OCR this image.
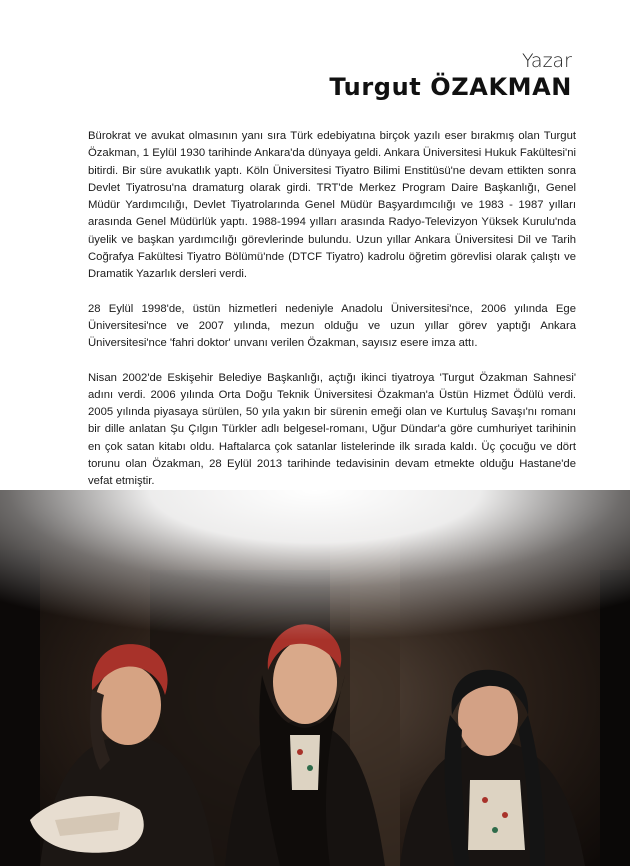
Yazar
Turgut ÖZAKMAN

Bürokrat ve avukat olmasının yanı sıra Türk edebiyatına birçok yazılı eser bırakmış olan Turgut Özakman, 1 Eylül 1930 tarihinde Ankara'da dünyaya geldi. Ankara Üniversitesi Hukuk Fakültesi'ni bitirdi. Bir süre avukatlık yaptı. Köln Üniversitesi Tiyatro Bilimi Enstitüsü'ne devam ettikten sonra Devlet Tiyatrosu'na dramaturg olarak girdi. TRT'de Merkez Program Daire Başkanlığı, Genel Müdür Yardımcılığı, Devlet Tiyatrolarında Genel Müdür Başyardımcılığı ve 1983 - 1987 yılları arasında Genel Müdürlük yaptı. 1988-1994 yılları arasında Radyo-Televizyon Yüksek Kurulu'nda üyelik ve başkan yardımcılığı görevlerinde bulundu. Uzun yıllar Ankara Üniversitesi Dil ve Tarih Coğrafya Fakültesi Tiyatro Bölümü'nde (DTCF Tiyatro) kadrolu öğretim görevlisi olarak çalıştı ve Dramatik Yazarlık dersleri verdi.

28 Eylül 1998'de, üstün hizmetleri nedeniyle Anadolu Üniversitesi'nce, 2006 yılında Ege Üniversitesi'nce ve 2007 yılında, mezun olduğu ve uzun yıllar görev yaptığı Ankara Üniversitesi'nce 'fahri doktor' unvanı verilen Özakman, sayısız esere imza attı.

Nisan 2002'de Eskişehir Belediye Başkanlığı, açtığı ikinci tiyatroya 'Turgut Özakman Sahnesi' adını verdi. 2006 yılında Orta Doğu Teknik Üniversitesi Özakman'a Üstün Hizmet Ödülü verdi. 2005 yılında piyasaya sürülen, 50 yıla yakın bir sürenin emeği olan ve Kurtuluş Savaşı'nı romanı bir dille anlatan Şu Çılgın Türkler adlı belgesel-romanı, Uğur Dündar'a göre cumhuriyet tarihinin en çok satan kitabı oldu. Haftalarca çok satanlar listelerinde ilk sırada kaldı. Üç çocuğu ve dört torunu olan Özakman, 28 Eylül 2013 tarihinde tedavisinin devam etmekte olduğu Hastane'de vefat etmiştir.
